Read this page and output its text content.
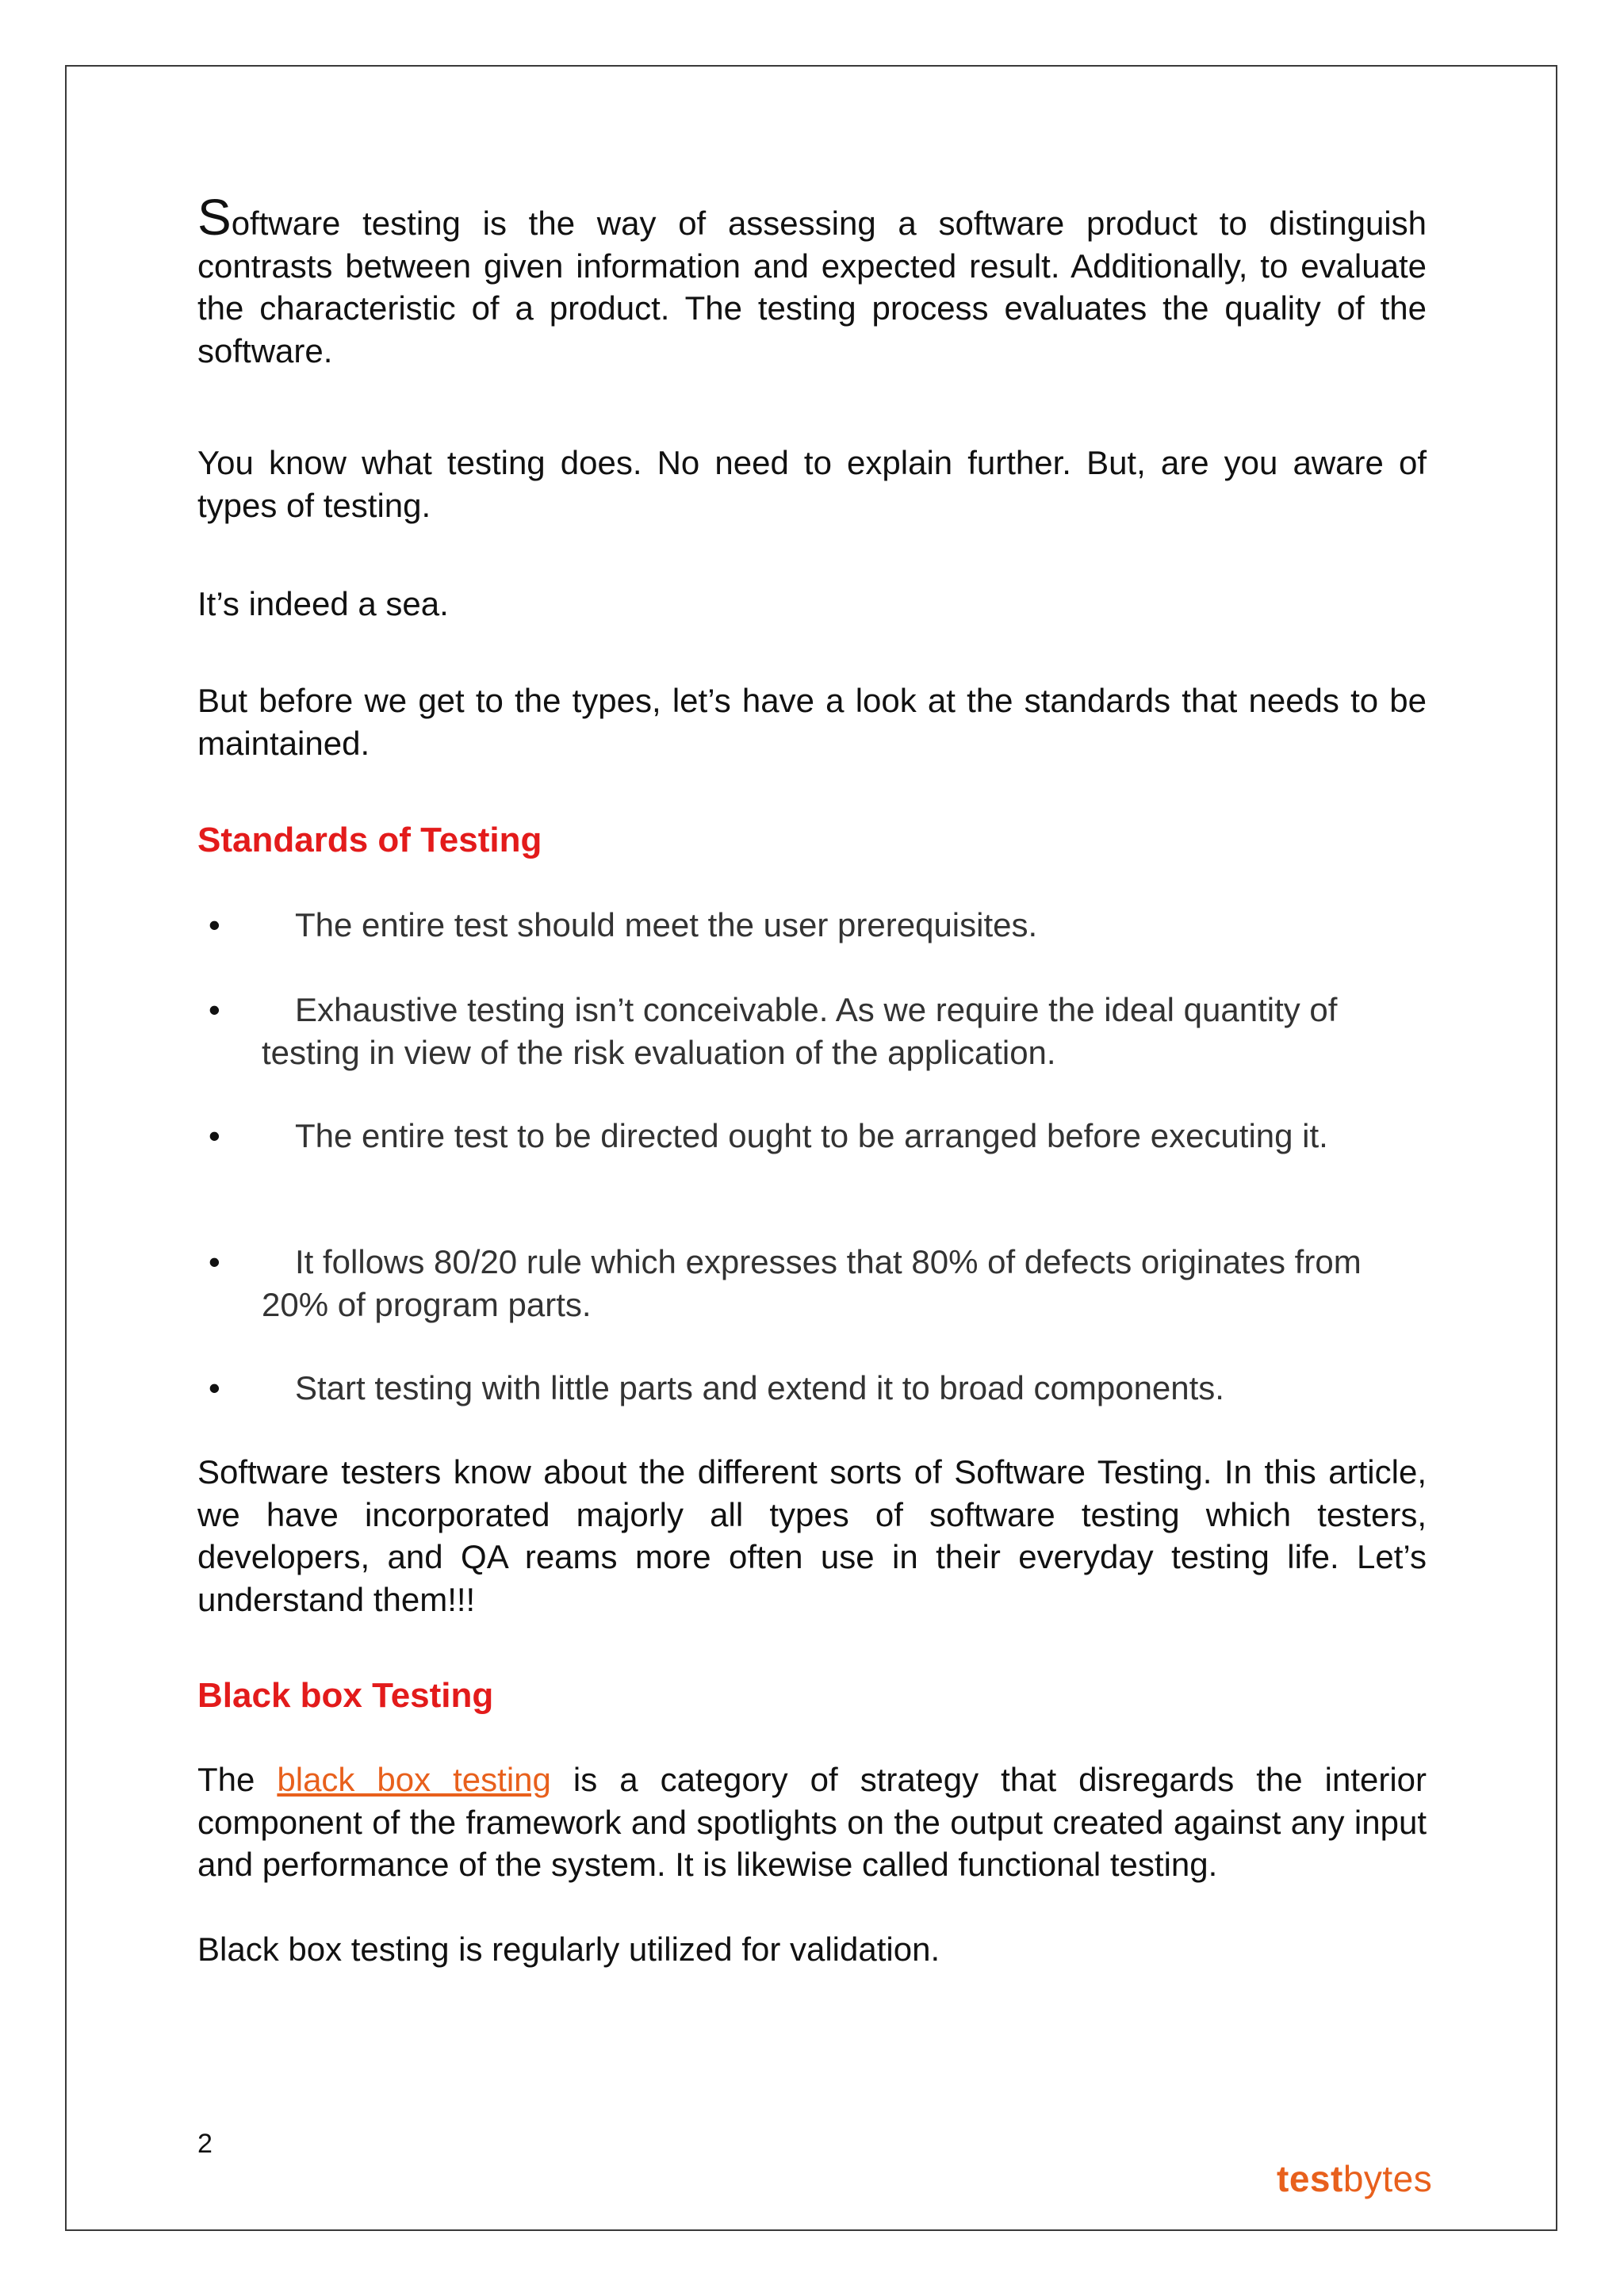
Software testing is the way of assessing a software product to distinguish contrasts between given information and expected result. Additionally, to evaluate the characteristic of a product. The testing process evaluates the quality of the software.

You know what testing does. No need to explain further. But, are you aware of types of testing.

It’s indeed a sea.

But before we get to the types, let’s have a look at the standards that needs to be maintained.

Standards of Testing
•	The entire test should meet the user prerequisites.
•	Exhaustive testing isn’t conceivable. As we require the ideal quantity of testing in view of the risk evaluation of the application.
•	The entire test to be directed ought to be arranged before executing it.
•	It follows 80/20 rule which expresses that 80% of defects originates from 20% of program parts.
•	Start testing with little parts and extend it to broad components.

Software testers know about the different sorts of Software Testing. In this article, we have incorporated majorly all types of software testing which testers, developers, and QA reams more often use in their everyday testing life. Let’s understand them!!!

Black box Testing

The black box testing is a category of strategy that disregards the interior component of the framework and spotlights on the output created against any input and performance of the system. It is likewise called functional testing.

Black box testing is regularly utilized for validation.

2
testbytes
